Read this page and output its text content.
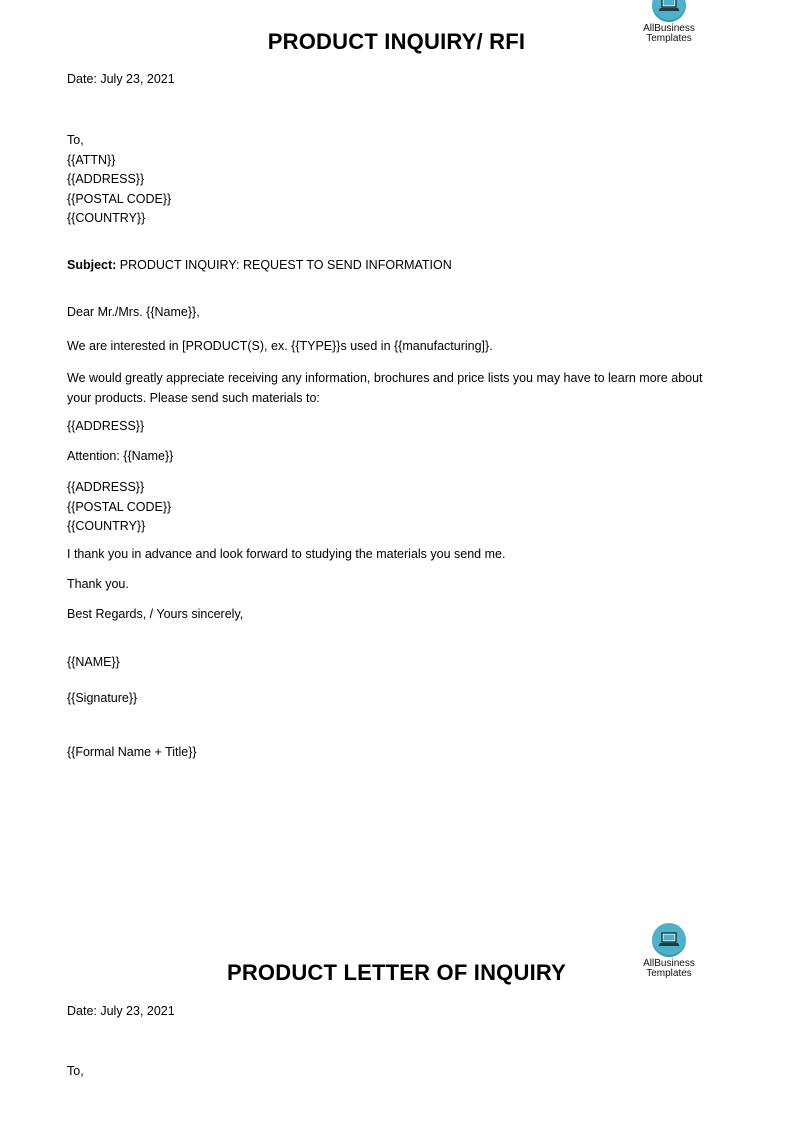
AllBusiness
Templates
PRODUCT INQUIRY/ RFI
Date: July 23, 2021
To,
{{ATTN}}
{{ADDRESS}}
{{POSTAL CODE}}
{{COUNTRY}}
Subject: PRODUCT INQUIRY: REQUEST TO SEND INFORMATION
Dear Mr./Mrs. {{Name}},
We are interested in [PRODUCT(S), ex. {{TYPE}}s used in {{manufacturing]}.
We would greatly appreciate receiving any information, brochures and price lists you may have to learn more about your products. Please send such materials to:
{{ADDRESS}}
Attention: {{Name}}
{{ADDRESS}}
{{POSTAL CODE}}
{{COUNTRY}}
I thank you in advance and look forward to studying the materials you send me.
Thank you.
Best Regards, / Yours sincerely,
{{NAME}}
{{Signature}}
{{Formal Name + Title}}
AllBusiness
Templates
PRODUCT LETTER OF INQUIRY
Date: July 23, 2021
To,
